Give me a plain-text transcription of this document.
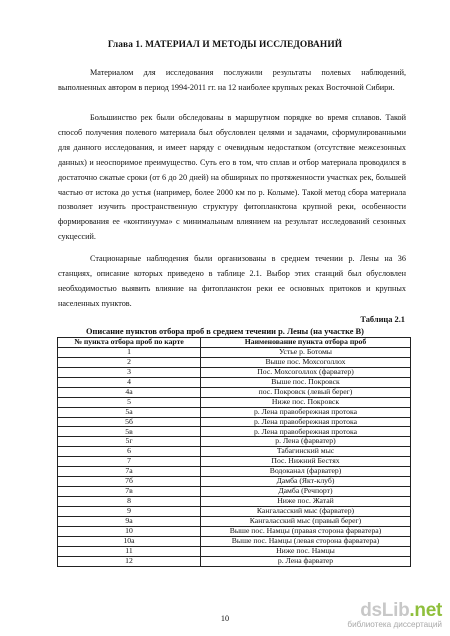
Глава 1. МАТЕРИАЛ И МЕТОДЫ ИССЛЕДОВАНИЙ

Материалом для исследования послужили результаты полевых наблюдений, выполненных автором в период 1994-2011 гг. на 12 наиболее крупных реках Восточной Сибири.

Большинство рек были обследованы в маршрутном порядке во время сплавов. Такой способ получения полевого материала был обусловлен целями и задачами, сформулированными для данного исследования, и имеет наряду с очевидным недостатком (отсутствие межсезонных данных) и неоспоримое преимущество. Суть его в том, что сплав и отбор материала проводился в достаточно сжатые сроки (от 6 до 20 дней) на обширных по протяженности участках рек, большей частью от истока до устья (например, более 2000 км по р. Колыме). Такой метод сбора материала позволяет изучить пространственную структуру фитопланктона крупной реки, особенности формирования ее «континуума» с минимальным влиянием на результат исследований сезонных сукцессий.

Стационарные наблюдения были организованы в среднем течении р. Лены на 36 станциях, описание которых приведено в таблице 2.1. Выбор этих станций был обусловлен необходимостью выявить влияние на фитопланктон реки ее основных притоков и крупных населенных пунктов.

Таблица 2.1
Описание пунктов отбора проб в среднем течении р. Лены (на участке В)
№ пункта отбора проб по карте	Наименование пункта отбора проб
1	Устье р. Ботомы
2	Выше пос. Мохсоголлох
3	Пос. Мохсоголлох (фарватер)
4	Выше пос. Покровск
4а	пос. Покровск (левый берег)
5	Ниже пос. Покровск
5а	р. Лена правобережная протока
5б	р. Лена правобережная протока
5в	р. Лена правобережная протока
5г	р. Лена (фарватер)
6	Табагинский мыс
7	Пос. Нижний Бестях
7а	Водоканал (фарватер)
7б	Дамба (Якт-клуб)
7в	Дамба (Речпорт)
8	Ниже пос. Жатай
9	Кангаласский мыс (фарватер)
9а	Кангаласский мыс (правый берег)
10	Выше пос. Намцы (правая сторона фарватера)
10а	Выше пос. Намцы (левая сторона фарватера)
11	Ниже пос. Намцы
12	р. Лена фарватер
10	dsLib.net
библиотека диссертаций
